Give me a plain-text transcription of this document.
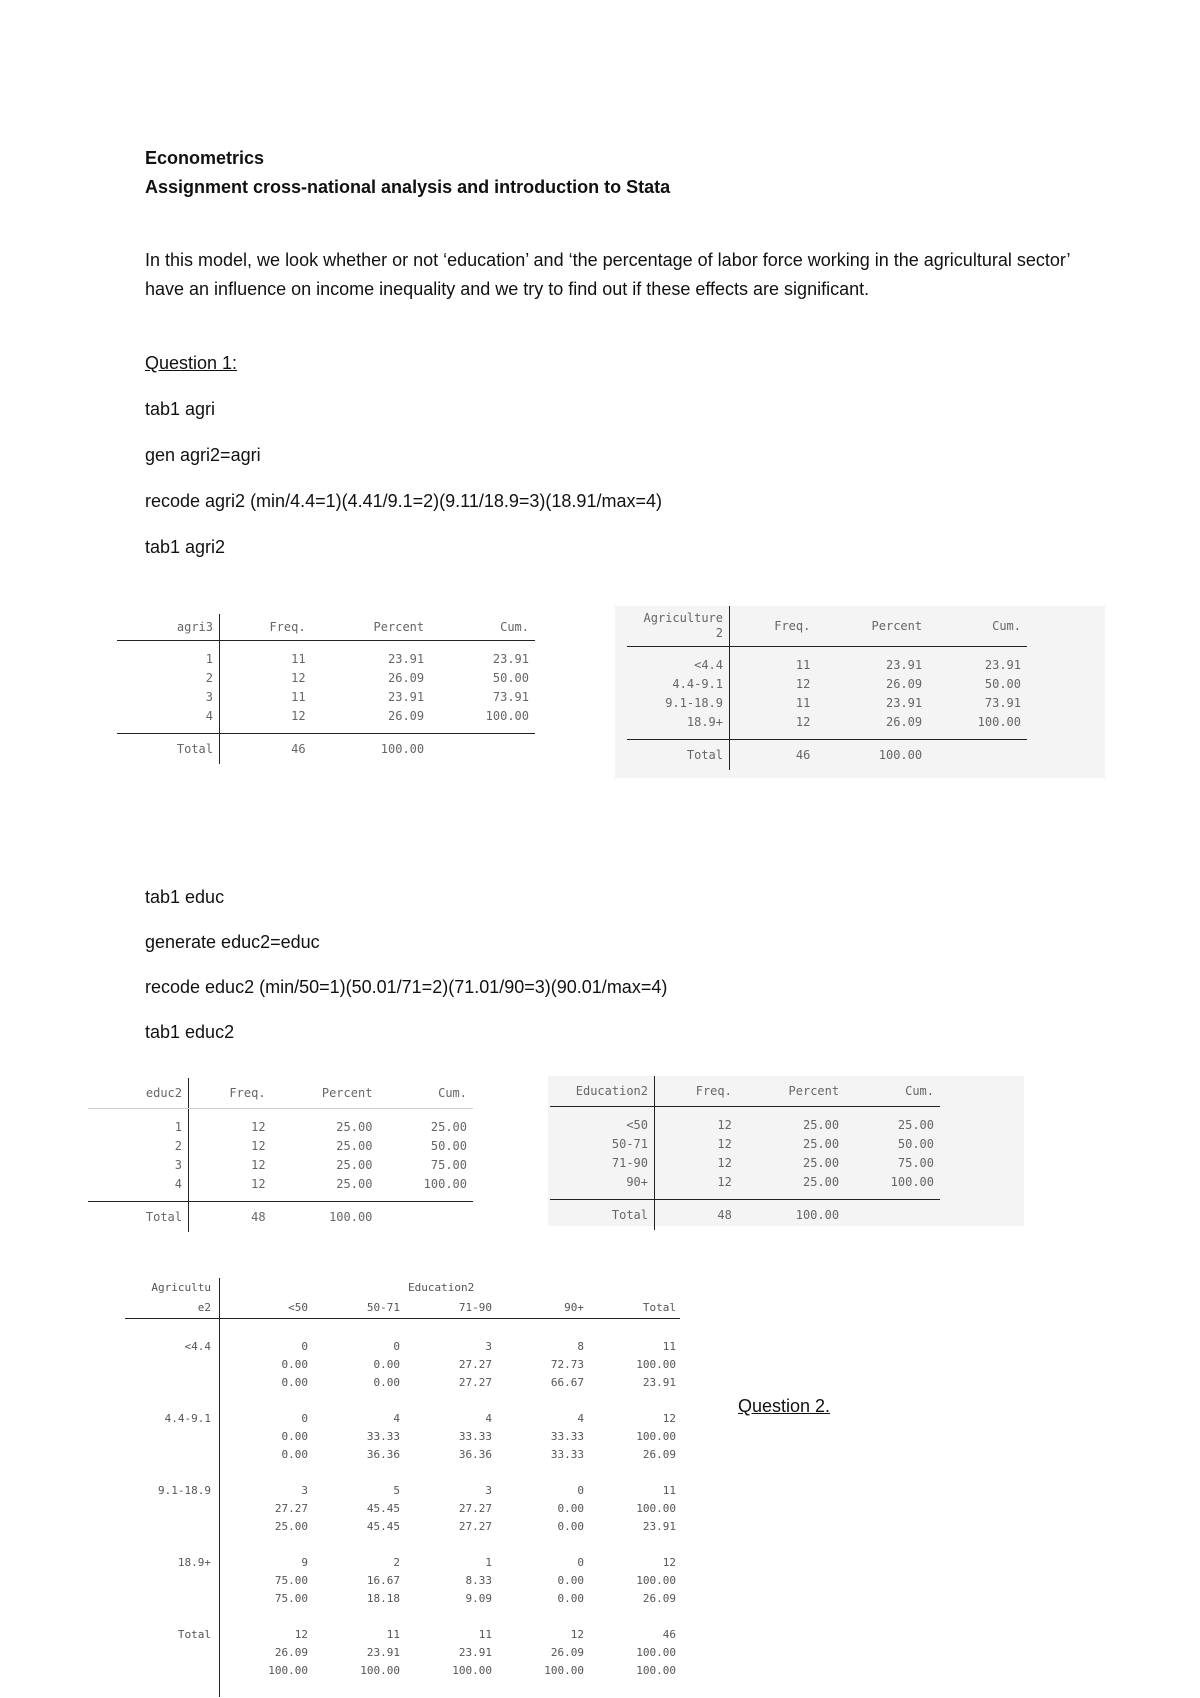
Econometrics
Assignment cross-national analysis and introduction to Stata
In this model, we look whether or not ‘education’ and ‘the percentage of labor force working in the agricultural sector’ have an influence on income inequality and we try to find out if these effects are significant.
Question 1:
tab1 agri
gen agri2=agri
recode agri2 (min/4.4=1)(4.41/9.1=2)(9.11/18.9=3)(18.91/max=4)
tab1 agri2
agri3	Freq.	Percent	Cum.

1	11	23.91	23.91
2	12	26.09	50.00
3	11	23.91	73.91
4	12	26.09	100.00

Total	46	100.00	
Agriculture
2	Freq.	Percent	Cum.

<4.4	11	23.91	23.91
4.4-9.1	12	26.09	50.00
9.1-18.9	11	23.91	73.91
18.9+	12	26.09	100.00

Total	46	100.00	
tab1 educ
generate educ2=educ
recode educ2 (min/50=1)(50.01/71=2)(71.01/90=3)(90.01/max=4)
tab1 educ2
educ2	Freq.	Percent	Cum.

1	12	25.00	25.00
2	12	25.00	50.00
3	12	25.00	75.00
4	12	25.00	100.00

Total	48	100.00	
Education2	Freq.	Percent	Cum.

<50	12	25.00	25.00
50-71	12	25.00	50.00
71-90	12	25.00	75.00
90+	12	25.00	100.00

Total	48	100.00	
Agricultu			Education2		
e2	<50	50-71	71-90	90+	Total

<4.4	0	0	3	8	11
	0.00	0.00	27.27	72.73	100.00
	0.00	0.00	27.27	66.67	23.91

4.4-9.1	0	4	4	4	12
	0.00	33.33	33.33	33.33	100.00
	0.00	36.36	36.36	33.33	26.09

9.1-18.9	3	5	3	0	11
	27.27	45.45	27.27	0.00	100.00
	25.00	45.45	27.27	0.00	23.91

18.9+	9	2	1	0	12
	75.00	16.67	8.33	0.00	100.00
	75.00	18.18	9.09	0.00	26.09

Total	12	11	11	12	46
	26.09	23.91	23.91	26.09	100.00
	100.00	100.00	100.00	100.00	100.00

Question 2.
